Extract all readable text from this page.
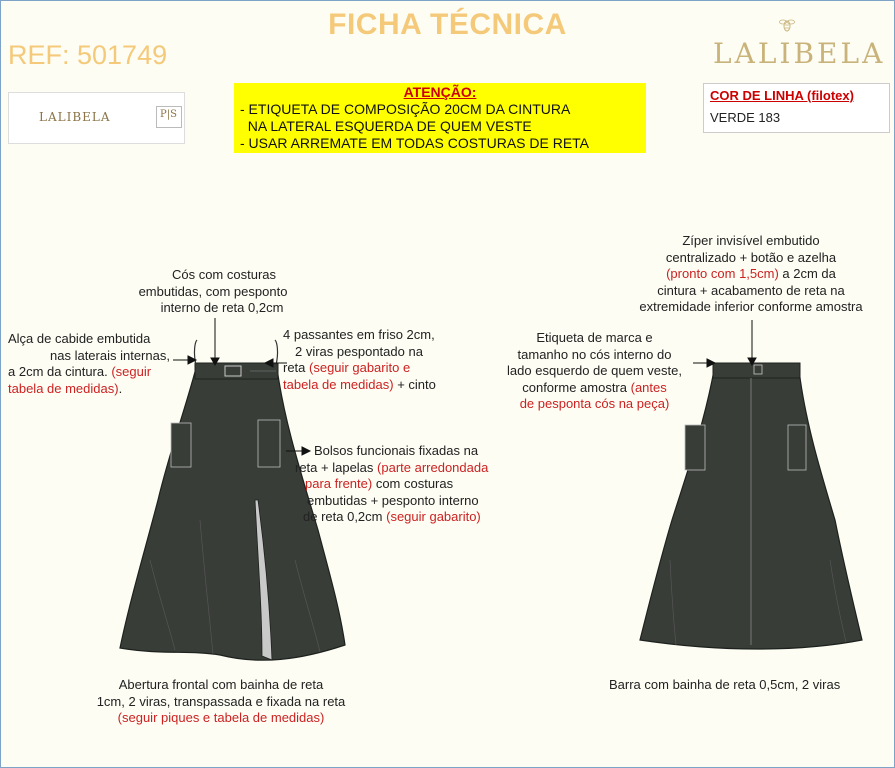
FICHA TÉCNICA
REF: 501749	LALIBELA
LALIBELA	P|S
ATENÇÃO:
- ETIQUETA DE COMPOSIÇÃO 20CM DA CINTURA
NA LATERAL ESQUERDA DE QUEM VESTE
- USAR ARREMATE EM TODAS COSTURAS DE RETA
COR DE LINHA (filotex)
VERDE 183
Cós com costuras
embutidas, com pesponto
interno de reta 0,2cm
Alça de cabide embutida
nas laterais internas,
a 2cm da cintura. (seguir
tabela de medidas).
4 passantes em friso 2cm,
2 viras pespontado na
reta (seguir gabarito e
tabela de medidas) + cinto
Bolsos funcionais fixadas na
reta + lapelas (parte arredondada
para frente) com costuras
embutidas + pesponto interno
de reta 0,2cm (seguir gabarito)
Abertura frontal com bainha de reta
1cm, 2 viras, transpassada e fixada na reta
(seguir piques e tabela de medidas)
Zíper invisível embutido
centralizado + botão e azelha
(pronto com 1,5cm) a 2cm da
cintura + acabamento de reta na
extremidade inferior conforme amostra
Etiqueta de marca e
tamanho no cós interno do
lado esquerdo de quem veste,
conforme amostra (antes
de pesponta cós na peça)
Barra com bainha de reta 0,5cm, 2 viras
